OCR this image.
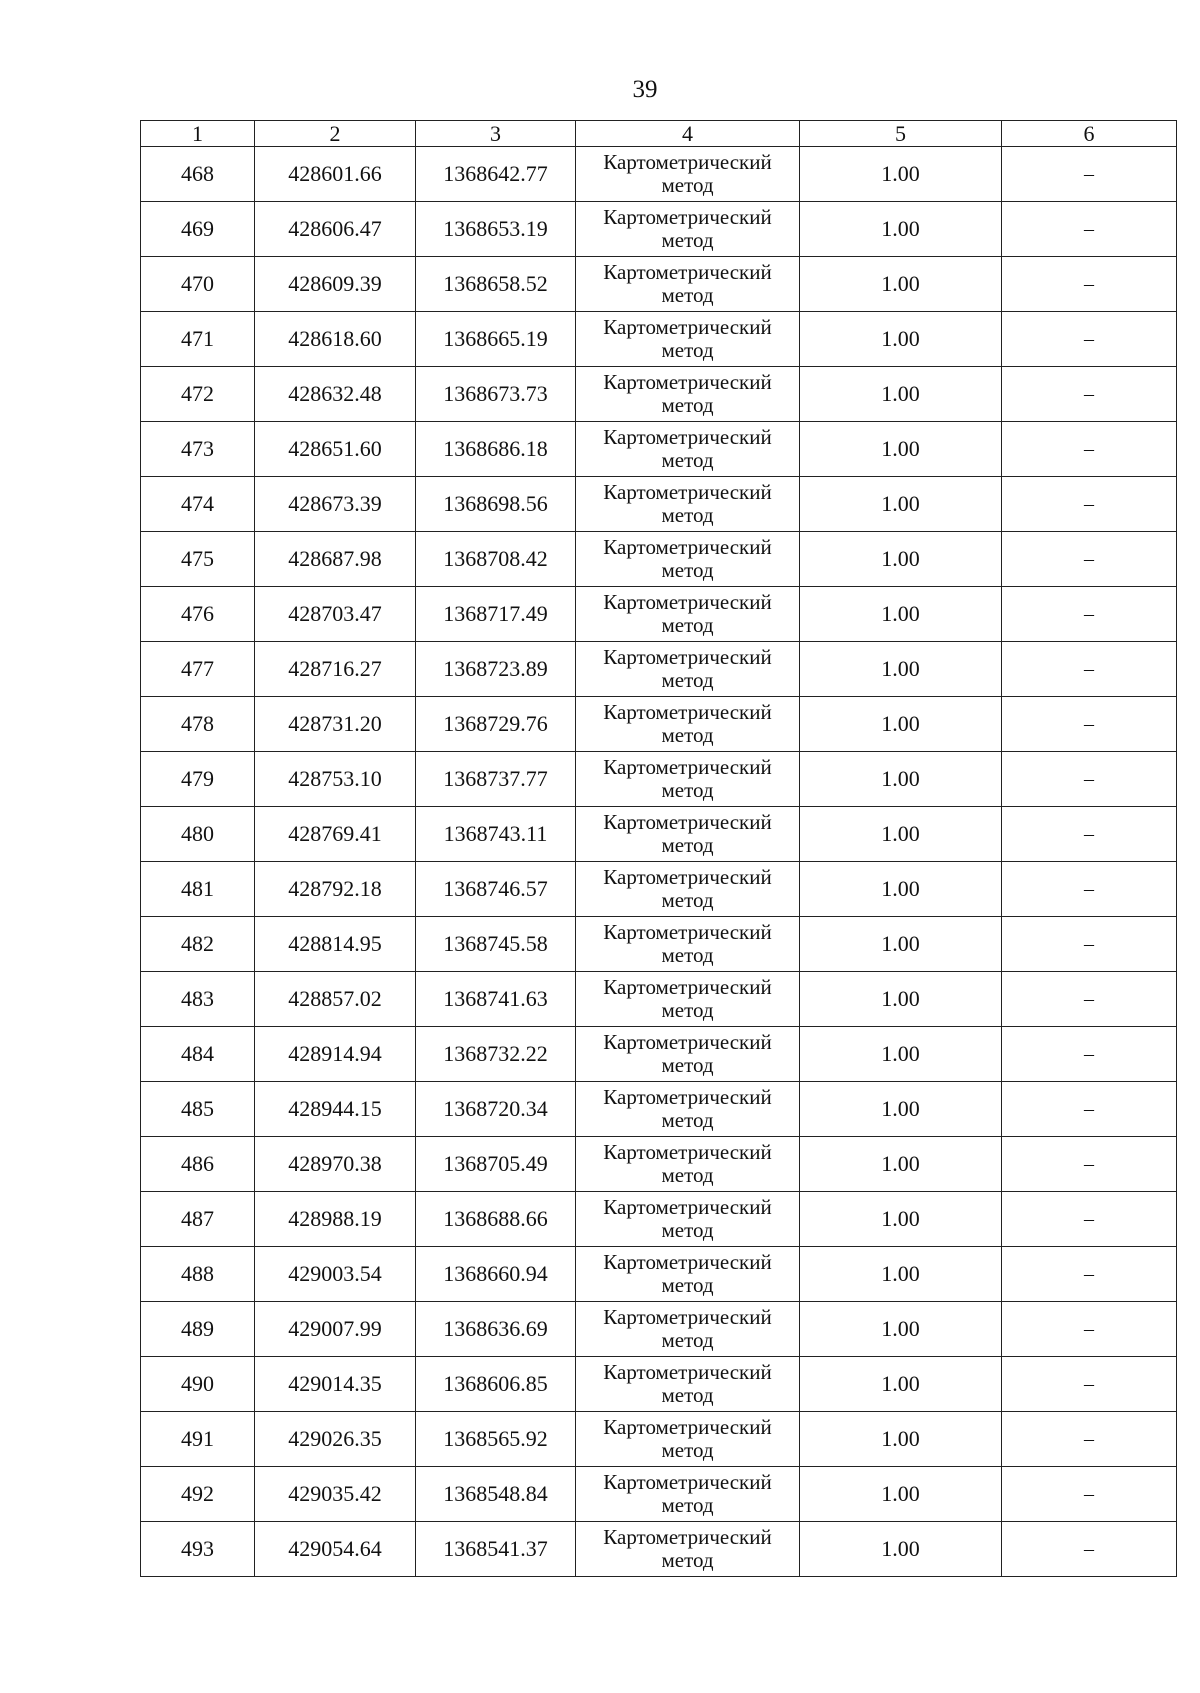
39
1	2	3	4	5	6
468	428601.66	1368642.77	Картометрический метод	1.00	–
469	428606.47	1368653.19	Картометрический метод	1.00	–
470	428609.39	1368658.52	Картометрический метод	1.00	–
471	428618.60	1368665.19	Картометрический метод	1.00	–
472	428632.48	1368673.73	Картометрический метод	1.00	–
473	428651.60	1368686.18	Картометрический метод	1.00	–
474	428673.39	1368698.56	Картометрический метод	1.00	–
475	428687.98	1368708.42	Картометрический метод	1.00	–
476	428703.47	1368717.49	Картометрический метод	1.00	–
477	428716.27	1368723.89	Картометрический метод	1.00	–
478	428731.20	1368729.76	Картометрический метод	1.00	–
479	428753.10	1368737.77	Картометрический метод	1.00	–
480	428769.41	1368743.11	Картометрический метод	1.00	–
481	428792.18	1368746.57	Картометрический метод	1.00	–
482	428814.95	1368745.58	Картометрический метод	1.00	–
483	428857.02	1368741.63	Картометрический метод	1.00	–
484	428914.94	1368732.22	Картометрический метод	1.00	–
485	428944.15	1368720.34	Картометрический метод	1.00	–
486	428970.38	1368705.49	Картометрический метод	1.00	–
487	428988.19	1368688.66	Картометрический метод	1.00	–
488	429003.54	1368660.94	Картометрический метод	1.00	–
489	429007.99	1368636.69	Картометрический метод	1.00	–
490	429014.35	1368606.85	Картометрический метод	1.00	–
491	429026.35	1368565.92	Картометрический метод	1.00	–
492	429035.42	1368548.84	Картометрический метод	1.00	–
493	429054.64	1368541.37	Картометрический метод	1.00	–
